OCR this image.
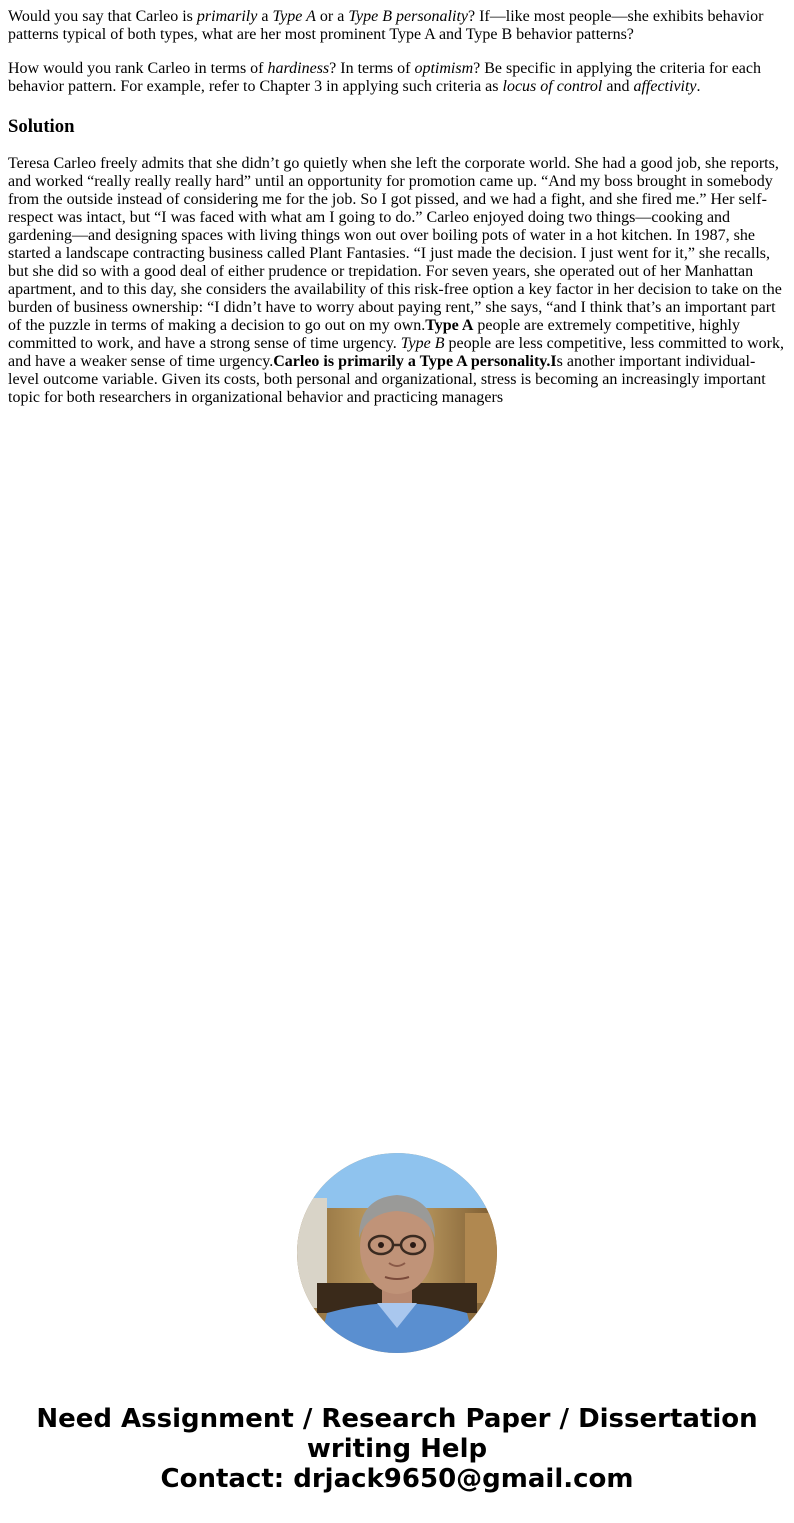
Would you say that Carleo is primarily a Type A or a Type B personality? If—like most people—she exhibits behavior patterns typical of both types, what are her most prominent Type A and Type B behavior patterns?

How would you rank Carleo in terms of hardiness? In terms of optimism? Be specific in applying the criteria for each behavior pattern. For example, refer to Chapter 3 in applying such criteria as locus of control and affectivity.

Solution

Teresa Carleo freely admits that she didn’t go quietly when she left the corporate world. She had a good job, she reports, and worked “really really really hard” until an opportunity for promotion came up. “And my boss brought in somebody from the outside instead of considering me for the job. So I got pissed, and we had a fight, and she fired me.” Her self-respect was intact, but “I was faced with what am I going to do.” Carleo enjoyed doing two things—cooking and gardening—and designing spaces with living things won out over boiling pots of water in a hot kitchen. In 1987, she started a landscape contracting business called Plant Fantasies. “I just made the decision. I just went for it,” she recalls, but she did so with a good deal of either prudence or trepidation. For seven years, she operated out of her Manhattan apartment, and to this day, she considers the availability of this risk-free option a key factor in her decision to take on the burden of business ownership: “I didn’t have to worry about paying rent,” she says, “and I think that’s an important part of the puzzle in terms of making a decision to go out on my own.Type A people are extremely competitive, highly committed to work, and have a strong sense of time urgency. Type B people are less competitive, less committed to work, and have a weaker sense of time urgency.Carleo is primarily a Type A personality.Is another important individual-level outcome variable. Given its costs, both personal and organizational, stress is becoming an increasingly important topic for both researchers in organizational behavior and practicing managers

Need Assignment / Research Paper / Dissertation
writing Help
Contact: drjack9650@gmail.com
